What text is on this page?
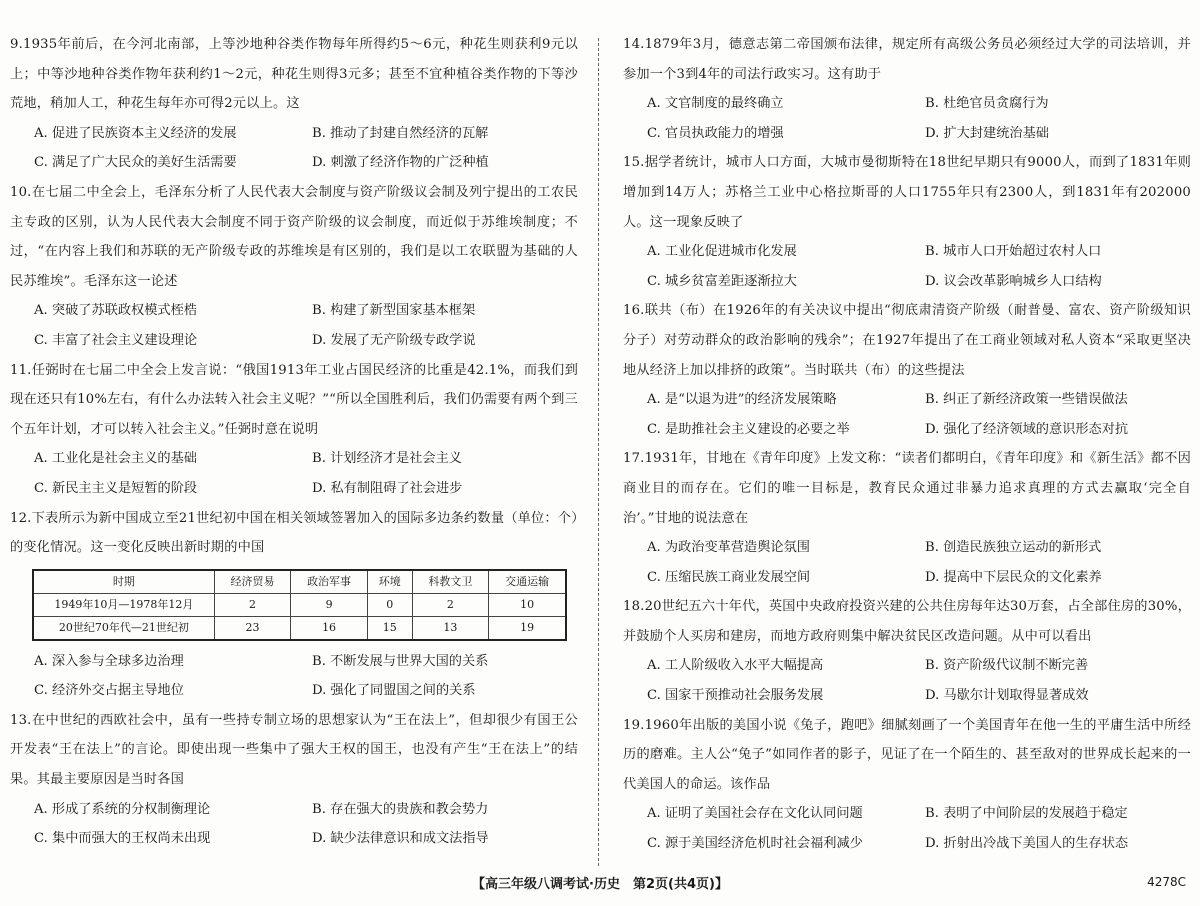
9.1935年前后，在今河北南部，上等沙地种谷类作物每年所得约5～6元，种花生则获利9元以上；中等沙地种谷类作物年获利约1～2元，种花生则得3元多；甚至不宜种植谷类作物的下等沙荒地，稍加人工，种花生每年亦可得2元以上。这

A. 促进了民族资本主义经济的发展	B. 推动了封建自然经济的瓦解
C. 满足了广大民众的美好生活需要	D. 刺激了经济作物的广泛种植

10.在七届二中全会上，毛泽东分析了人民代表大会制度与资产阶级议会制及列宁提出的工农民主专政的区别，认为人民代表大会制度不同于资产阶级的议会制度，而近似于苏维埃制度；不过，“在内容上我们和苏联的无产阶级专政的苏维埃是有区别的，我们是以工农联盟为基础的人民苏维埃”。毛泽东这一论述

A. 突破了苏联政权模式桎梏	B. 构建了新型国家基本框架
C. 丰富了社会主义建设理论	D. 发展了无产阶级专政学说

11.任弼时在七届二中全会上发言说：“俄国1913年工业占国民经济的比重是42.1%，而我们到现在还只有10%左右，有什么办法转入社会主义呢？”“所以全国胜利后，我们仍需要有两个到三个五年计划，才可以转入社会主义。”任弼时意在说明

A. 工业化是社会主义的基础	B. 计划经济才是社会主义
C. 新民主主义是短暂的阶段	D. 私有制阻碍了社会进步

12.下表所示为新中国成立至21世纪初中国在相关领域签署加入的国际多边条约数量（单位：个）的变化情况。这一变化反映出新时期的中国

时期	经济贸易	政治军事	环境	科教文卫	交通运输
1949年10月—1978年12月	2	9	0	2	10
20世纪70年代—21世纪初	23	16	15	13	19
A. 深入参与全球多边治理	B. 不断发展与世界大国的关系
C. 经济外交占据主导地位	D. 强化了同盟国之间的关系

13.在中世纪的西欧社会中，虽有一些持专制立场的思想家认为“王在法上”，但却很少有国王公开发表“王在法上”的言论。即使出现一些集中了强大王权的国王，也没有产生“王在法上”的结果。其最主要原因是当时各国

A. 形成了系统的分权制衡理论	B. 存在强大的贵族和教会势力
C. 集中而强大的王权尚未出现	D. 缺少法律意识和成文法指导

14.1879年3月，德意志第二帝国颁布法律，规定所有高级公务员必须经过大学的司法培训，并参加一个3到4年的司法行政实习。这有助于

A. 文官制度的最终确立	B. 杜绝官员贪腐行为
C. 官员执政能力的增强	D. 扩大封建统治基础

15.据学者统计，城市人口方面，大城市曼彻斯特在18世纪早期只有9000人，而到了1831年则增加到14万人；苏格兰工业中心格拉斯哥的人口1755年只有2300人，到1831年有202000人。这一现象反映了

A. 工业化促进城市化发展	B. 城市人口开始超过农村人口
C. 城乡贫富差距逐渐拉大	D. 议会改革影响城乡人口结构

16.联共（布）在1926年的有关决议中提出“彻底肃清资产阶级（耐普曼、富农、资产阶级知识分子）对劳动群众的政治影响的残余”；在1927年提出了在工商业领域对私人资本“采取更坚决地从经济上加以排挤的政策”。当时联共（布）的这些提法

A. 是“以退为进”的经济发展策略	B. 纠正了新经济政策一些错误做法
C. 是助推社会主义建设的必要之举	D. 强化了经济领域的意识形态对抗

17.1931年，甘地在《青年印度》上发文称：“读者们都明白，《青年印度》和《新生活》都不因商业目的而存在。它们的唯一目标是，教育民众通过非暴力追求真理的方式去赢取‘完全自治’。”甘地的说法意在

A. 为政治变革营造舆论氛围	B. 创造民族独立运动的新形式
C. 压缩民族工商业发展空间	D. 提高中下层民众的文化素养

18.20世纪五六十年代，英国中央政府投资兴建的公共住房每年达30万套，占全部住房的30%，并鼓励个人买房和建房，而地方政府则集中解决贫民区改造问题。从中可以看出

A. 工人阶级收入水平大幅提高	B. 资产阶级代议制不断完善
C. 国家干预推动社会服务发展	D. 马歇尔计划取得显著成效

19.1960年出版的美国小说《兔子，跑吧》细腻刻画了一个美国青年在他一生的平庸生活中所经历的磨难。主人公“兔子”如同作者的影子，见证了在一个陌生的、甚至敌对的世界成长起来的一代美国人的命运。该作品

A. 证明了美国社会存在文化认同问题	B. 表明了中间阶层的发展趋于稳定
C. 源于美国经济危机时社会福利减少	D. 折射出冷战下美国人的生存状态
【高三年级八调考试·历史　第2页(共4页)】	4278C
